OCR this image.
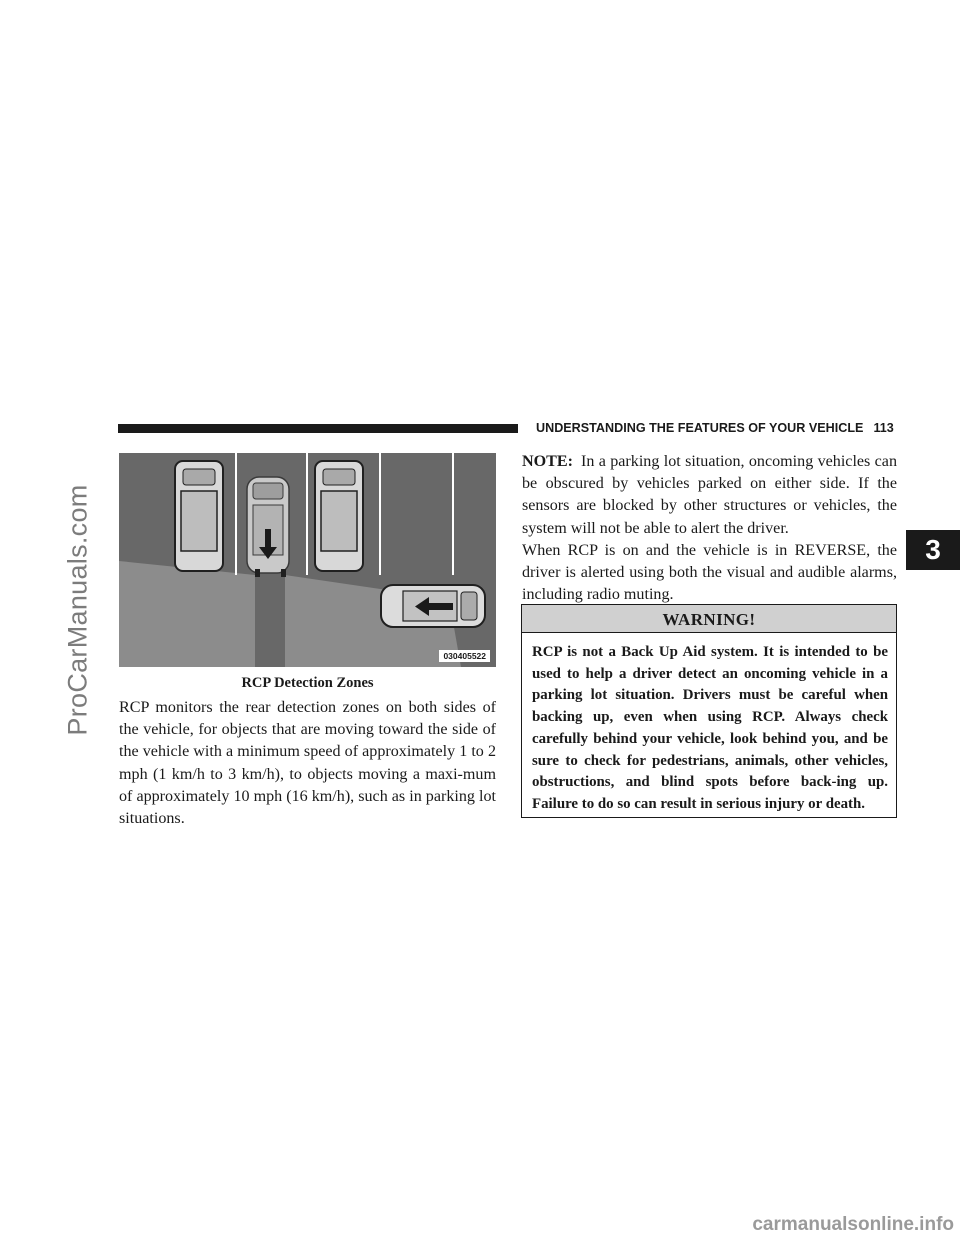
ProCarManuals.com
UNDERSTANDING THE FEATURES OF YOUR VEHICLE 113
3
030405522
RCP Detection Zones

RCP monitors the rear detection zones on both sides of the vehicle, for objects that are moving toward the side of the vehicle with a minimum speed of approximately 1 to 2 mph (1 km/h to 3 km/h), to objects moving a maxi-mum of approximately 10 mph (16 km/h), such as in parking lot situations.

NOTE: In a parking lot situation, oncoming vehicles can be obscured by vehicles parked on either side. If the sensors are blocked by other structures or vehicles, the system will not be able to alert the driver.

When RCP is on and the vehicle is in REVERSE, the driver is alerted using both the visual and audible alarms, including radio muting.

WARNING!

RCP is not a Back Up Aid system. It is intended to be used to help a driver detect an oncoming vehicle in a parking lot situation. Drivers must be careful when backing up, even when using RCP. Always check carefully behind your vehicle, look behind you, and be sure to check for pedestrians, animals, other vehicles, obstructions, and blind spots before back-ing up. Failure to do so can result in serious injury or death.

carmanualsonline.info
